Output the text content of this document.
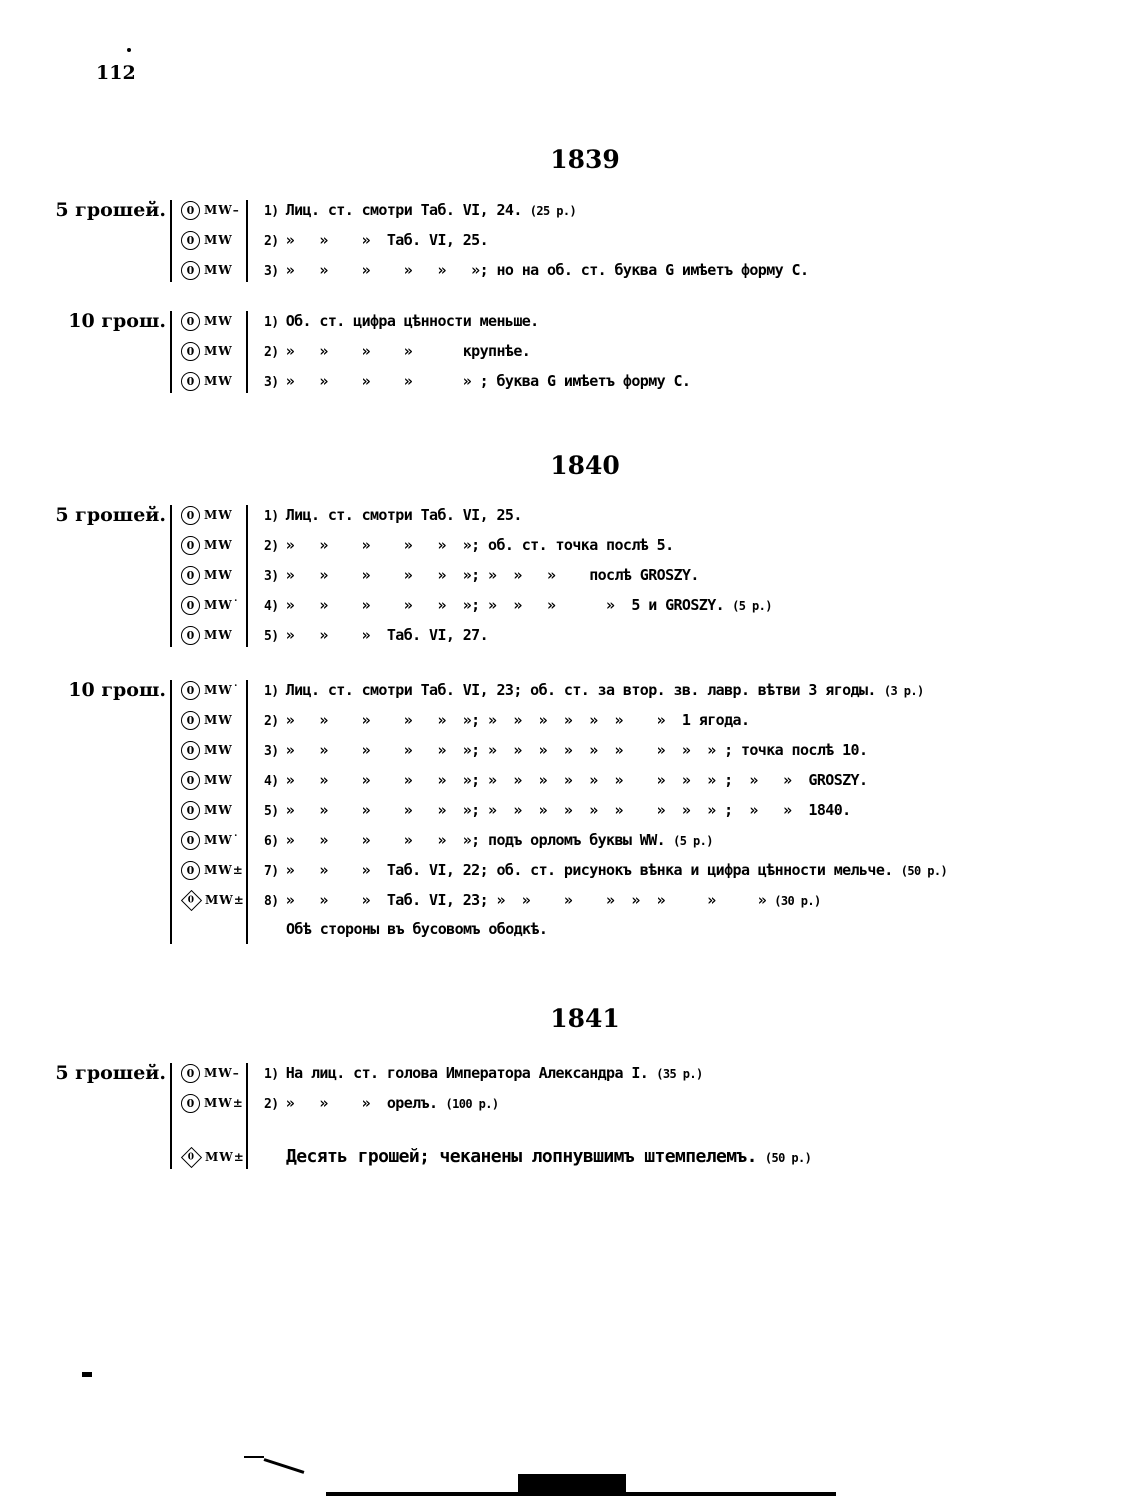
112
1839
5 грошей.	0 MW– 1) Лиц. ст. смотри Таб. VI, 24. (25 р.)
0 MW 2) »   »    »  Таб. VI, 25.
0 MW 3) »   »    »    »   »   »; но на об. ст. буква G имѣетъ форму С.
10 грош.	0 MW 1) Об. ст. цифра цѣнности меньше.
0 MW 2) »   »    »    »      крупнѣе.
0 MW 3) »   »    »    »      » ; буква G имѣетъ форму С.
1840
5 грошей.	0 MW 1) Лиц. ст. смотри Таб. VI, 25.
0 MW 2) »   »    »    »   »  »; об. ст. точка послѣ 5.
0 MW 3) »   »    »    »   »  »; »  »   »    послѣ GROSZY.
0 MW˙ 4) »   »    »    »   »  »; »  »   »      »  5 и GROSZY. (5 р.)
0 MW 5) »   »    »  Таб. VI, 27.
10 грош.	0 MW˙ 1) Лиц. ст. смотри Таб. VI, 23; об. ст. за втор. зв. лавр. вѣтви 3 ягоды. (3 р.)
0 MW 2) »   »    »    »   »  »; »  »  »  »  »  »    »  1 ягода.
0 MW 3) »   »    »    »   »  »; »  »  »  »  »  »    »  »  » ; точка послѣ 10.
0 MW 4) »   »    »    »   »  »; »  »  »  »  »  »    »  »  » ;  »   »  GROSZY.
0 MW 5) »   »    »    »   »  »; »  »  »  »  »  »    »  »  » ;  »   »  1840.
0 MW˙ 6) »   »    »    »   »  »; подъ орломъ буквы WW. (5 р.)
0 MW± 7) »   »    »  Таб. VI, 22; об. ст. рисунокъ вѣнка и цифра цѣнности мельче. (50 р.)
0 MW± 8) »   »    »  Таб. VI, 23; »  »    »    »  »  »     »     » (30 р.)
Обѣ стороны въ бусовомъ ободкѣ.
1841
5 грошей.	0 MW– 1) На лиц. ст. голова Императора Александра I. (35 р.)
0 MW± 2) »   »    »  орелъ. (100 р.)
0 MW± Десять грошей; чеканены лопнувшимъ штемпелемъ. (50 р.)
